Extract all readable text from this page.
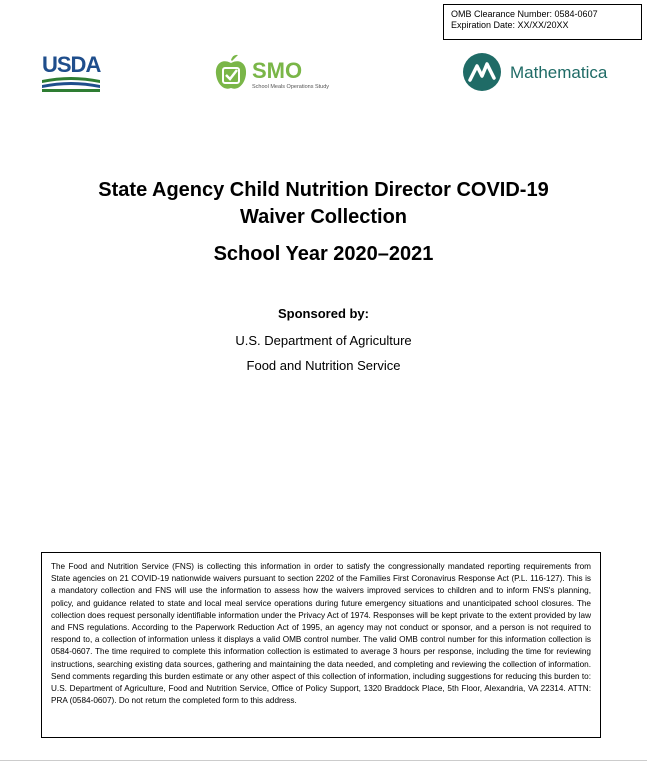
OMB Clearance Number: 0584-0607
Expiration Date: XX/XX/20XX
USDA	SMO
School Meals Operations Study
Mathematica
State Agency Child Nutrition Director COVID-19
Waiver Collection
School Year 2020–2021
Sponsored by:
U.S. Department of Agriculture
Food and Nutrition Service
The Food and Nutrition Service (FNS) is collecting this information in order to satisfy the congressionally mandated reporting requirements from State agencies on 21 COVID-19 nationwide waivers pursuant to section 2202 of the Families First Coronavirus Response Act (P.L. 116-127). This is a mandatory collection and FNS will use the information to assess how the waivers improved services to children and to inform FNS's planning, policy, and guidance related to state and local meal service operations during future emergency situations and unanticipated school closures. The collection does request personally identifiable information under the Privacy Act of 1974. Responses will be kept private to the extent provided by law and FNS regulations. According to the Paperwork Reduction Act of 1995, an agency may not conduct or sponsor, and a person is not required to respond to, a collection of information unless it displays a valid OMB control number. The valid OMB control number for this information collection is 0584-0607. The time required to complete this information collection is estimated to average 3 hours per response, including the time for reviewing instructions, searching existing data sources, gathering and maintaining the data needed, and completing and reviewing the collection of information. Send comments regarding this burden estimate or any other aspect of this collection of information, including suggestions for reducing this burden to: U.S. Department of Agriculture, Food and Nutrition Service, Office of Policy Support, 1320 Braddock Place, 5th Floor, Alexandria, VA 22314. ATTN: PRA (0584-0607). Do not return the completed form to this address.
